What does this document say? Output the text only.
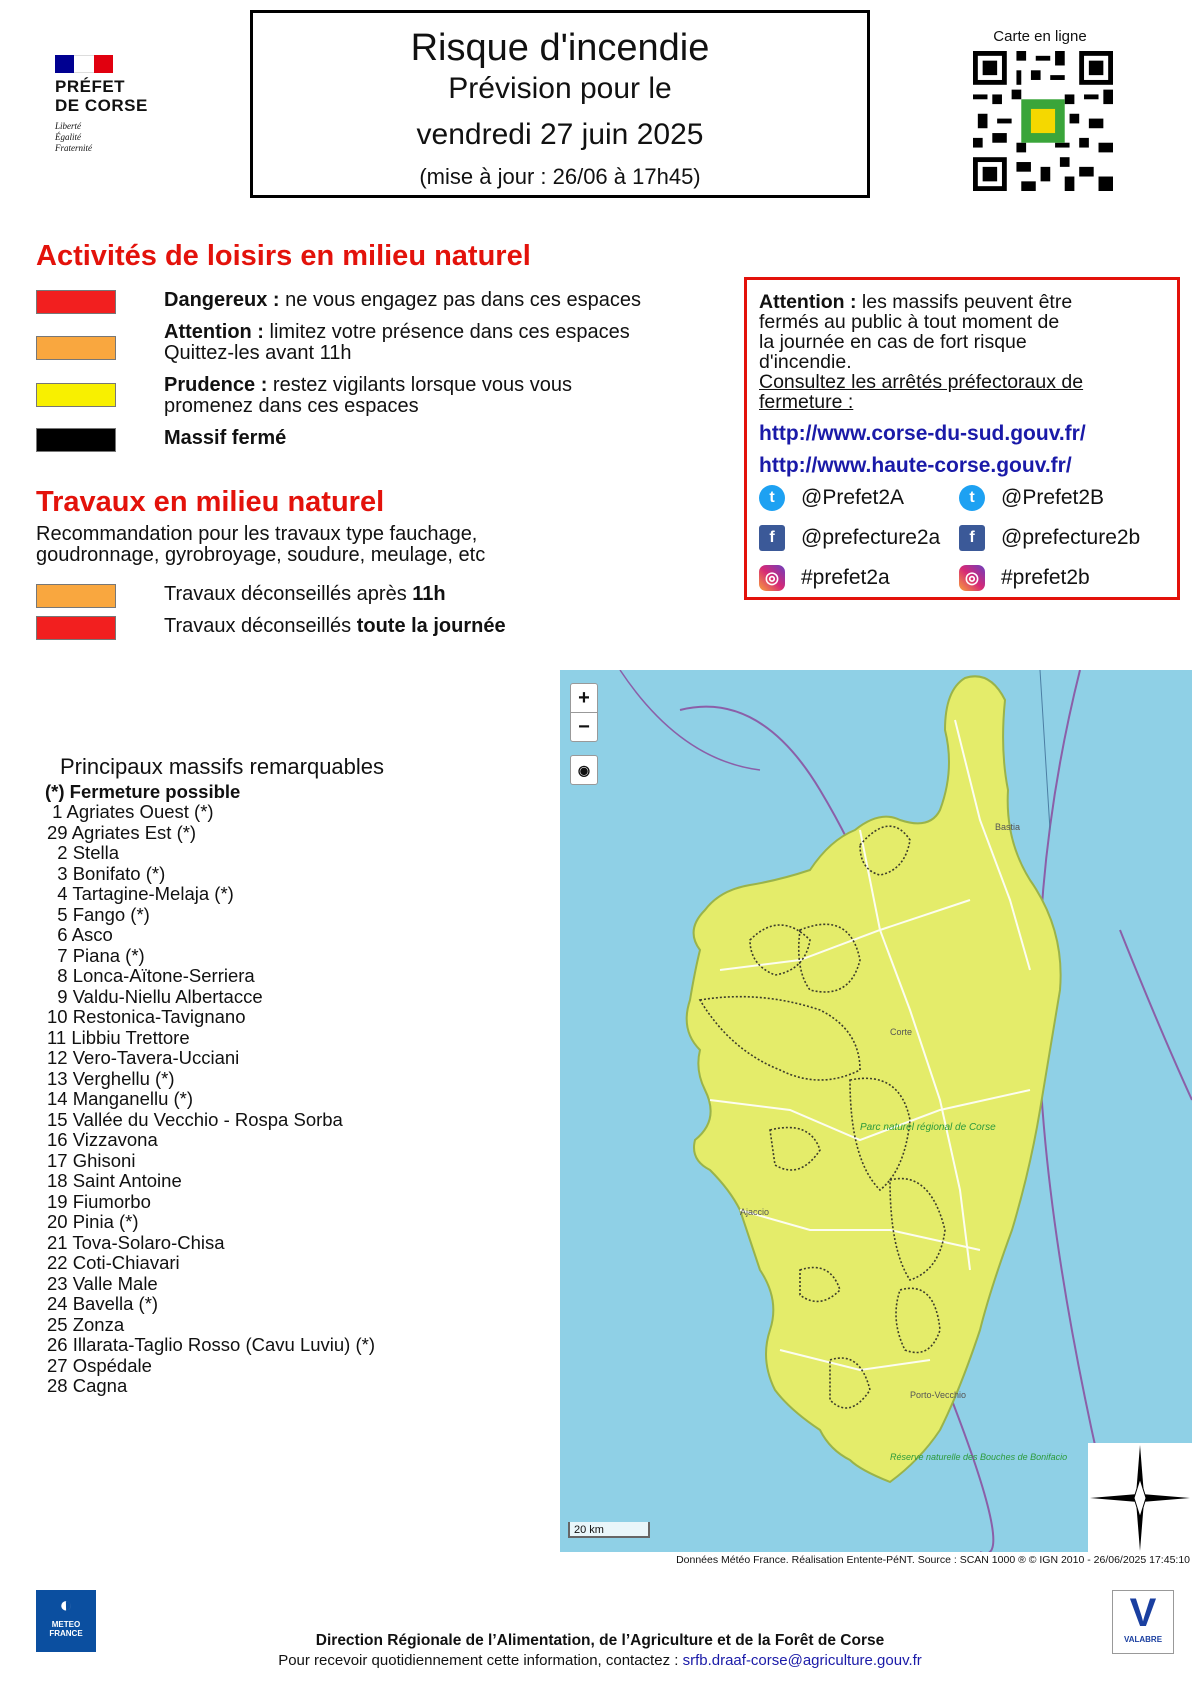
PRÉFET
DE CORSE
Liberté
Égalité
Fraternité
Risque d'incendie
Prévision pour le
vendredi 27 juin 2025
(mise à jour : 26/06 à 17h45)
Carte en ligne
Activités de loisirs en milieu naturel
Dangereux : ne vous engagez pas dans ces espaces
Attention : limitez votre présence dans ces espaces
Quittez-les avant 11h
Prudence : restez vigilants lorsque vous vous
promenez dans ces espaces
Massif fermé
Travaux en milieu naturel
Recommandation pour les travaux type fauchage,
goudronnage, gyrobroyage, soudure, meulage, etc
Travaux déconseillés après 11h
Travaux déconseillés toute la journée
Attention : les massifs peuvent être
fermés au public à tout moment de
la journée en cas de fort risque
d'incendie.
Consultez les arrêtés préfectoraux de
fermeture :
http://www.corse-du-sud.gouv.fr/
http://www.haute-corse.gouv.fr/
t	@Prefet2A	t	@Prefet2B
f	@prefecture2a	f	@prefecture2b
◎ #prefet2a	◎ #prefet2b
Principaux massifs remarquables
(*) Fermeture possible
1 Agriates Ouest (*)
29 Agriates Est (*)
2 Stella
3 Bonifato (*)
4 Tartagine-Melaja (*)
5 Fango (*)
6 Asco
7 Piana (*)
8 Lonca-Aïtone-Serriera
9 Valdu-Niellu Albertacce
10 Restonica-Tavignano
11 Libbiu Trettore
12 Vero-Tavera-Ucciani
13 Verghellu (*)
14 Manganellu (*)
15 Vallée du Vecchio - Rospa Sorba
16 Vizzavona
17 Ghisoni
18 Saint Antoine
19 Fiumorbo
20 Pinia (*)
21 Tova-Solaro-Chisa
22 Coti-Chiavari
23 Valle Male
24 Bavella (*)
25 Zonza
26 Illarata-Taglio Rosso (Cavu Luviu) (*)
27 Ospédale
28 Cagna
Bastia
Corte
Ajaccio
Porto-Vecchio
Parc naturel régional de Corse
Réserve naturelle des Bouches de Bonifacio
+
−
◉
20 km
Données Météo France. Réalisation Entente-PéNT. Source : SCAN 1000 ® © IGN 2010 - 26/06/2025 17:45:10
◐
METEO
FRANCE	Direction Régionale de l’Alimentation, de l’Agriculture et de la Forêt de Corse
Pour recevoir quotidiennement cette information, contactez : srfb.draaf-corse@agriculture.gouv.fr
V
VALABRE
